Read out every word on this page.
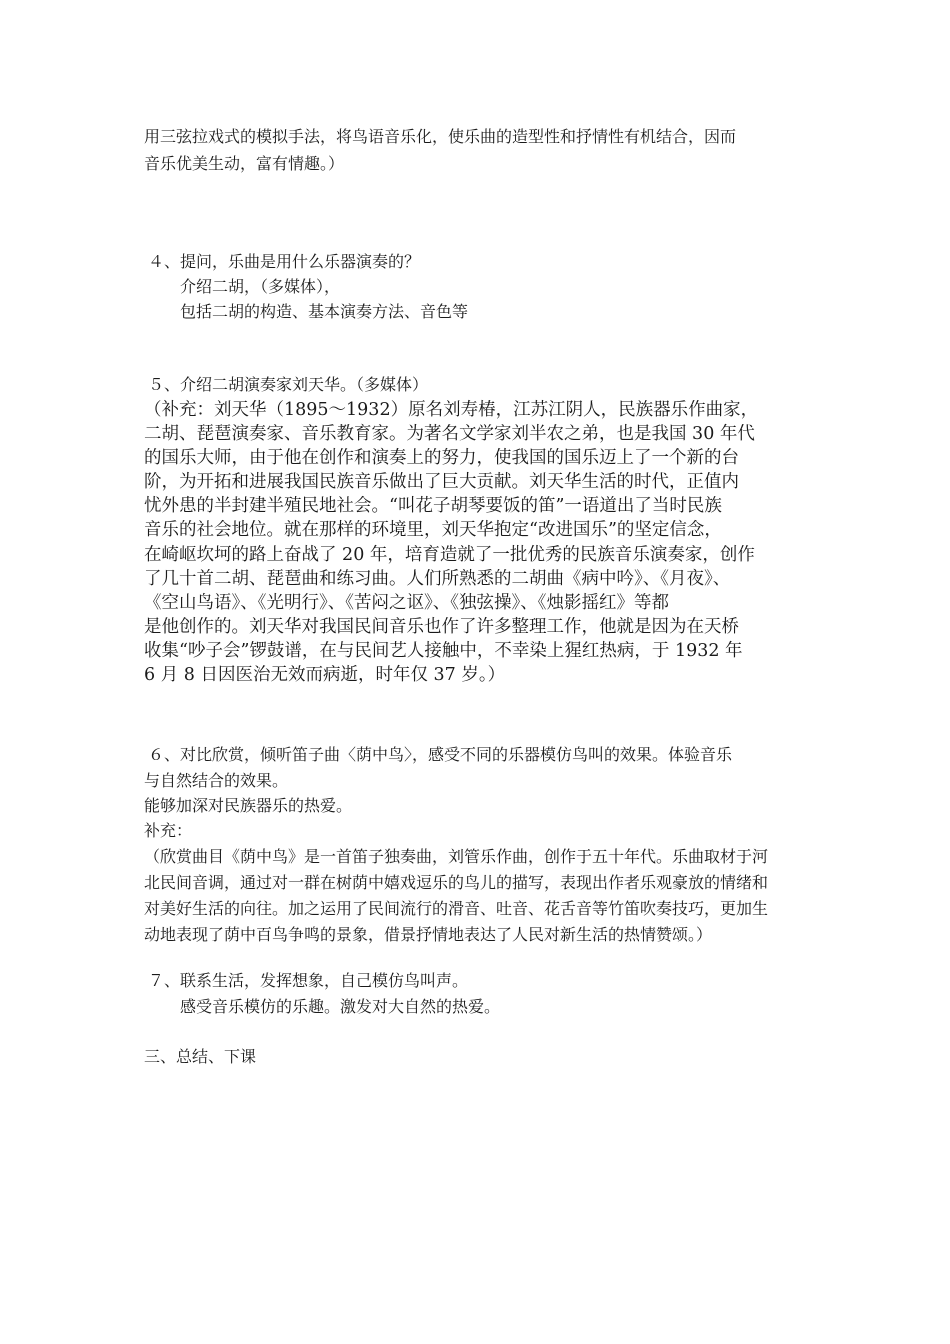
用三弦拉戏式的模拟手法，将鸟语音乐化，使乐曲的造型性和抒情性有机结合，因而
音乐优美生动，富有情趣。）
４、提问，乐曲是用什么乐器演奏的？
介绍二胡，（多媒体），
包括二胡的构造、基本演奏方法、音色等
５、介绍二胡演奏家刘天华。（多媒体）
（补充：刘天华（1895～1932）原名刘寿椿，江苏江阴人，民族器乐作曲家，
二胡、琵琶演奏家、音乐教育家。为著名文学家刘半农之弟，也是我国 30 年代
的国乐大师，由于他在创作和演奏上的努力，使我国的国乐迈上了一个新的台
阶，为开拓和进展我国民族音乐做出了巨大贡献。刘天华生活的时代，正值内
忧外患的半封建半殖民地社会。“叫花子胡琴要饭的笛”一语道出了当时民族
音乐的社会地位。就在那样的环境里，刘天华抱定“改进国乐”的坚定信念，
在崎岖坎坷的路上奋战了 20 年，培育造就了一批优秀的民族音乐演奏家，创作
了几十首二胡、琵琶曲和练习曲。人们所熟悉的二胡曲《病中吟》、《月夜》、
《空山鸟语》、《光明行》、《苦闷之讴》、《独弦操》、《烛影摇红》等都
是他创作的。刘天华对我国民间音乐也作了许多整理工作，他就是因为在天桥
收集“吵子会”锣鼓谱，在与民间艺人接触中，不幸染上猩红热病，于 1932 年
6 月 8 日因医治无效而病逝，时年仅 37 岁。）
６、对比欣赏，倾听笛子曲〈荫中鸟〉，感受不同的乐器模仿鸟叫的效果。体验音乐
与自然结合的效果。
能够加深对民族器乐的热爱。
补充：
（欣赏曲目《荫中鸟》是一首笛子独奏曲，刘管乐作曲，创作于五十年代。乐曲取材于河
北民间音调，通过对一群在树荫中嬉戏逗乐的鸟儿的描写，表现出作者乐观豪放的情绪和
对美好生活的向往。加之运用了民间流行的滑音、吐音、花舌音等竹笛吹奏技巧，更加生
动地表现了荫中百鸟争鸣的景象，借景抒情地表达了人民对新生活的热情赞颂。）
７、联系生活，发挥想象，自己模仿鸟叫声。
感受音乐模仿的乐趣。激发对大自然的热爱。
三、总结、下课
